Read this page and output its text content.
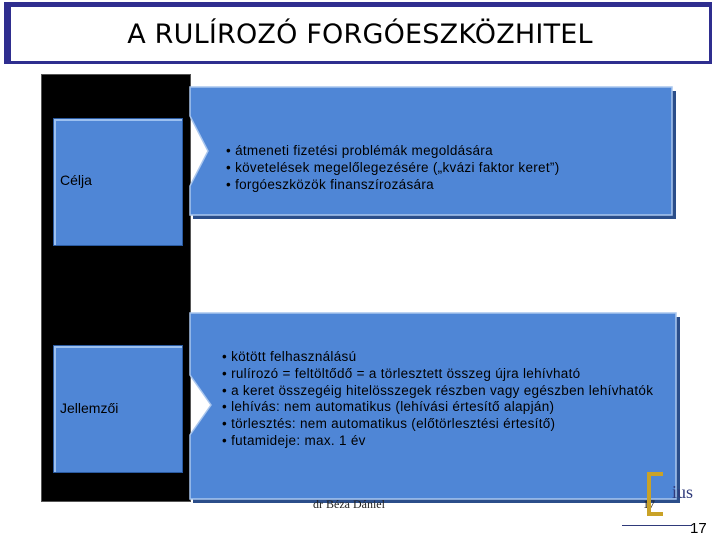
A RULÍROZÓ FORGÓESZKÖZHITEL
Célja
• átmeneti fizetési problémák megoldására
• követelések megelőlegezésére („kvázi faktor keret”)
• forgóeszközök finanszírozására
Jellemzői
• kötött felhasználású
• rulírozó = feltöltődő = a törlesztett összeg újra lehívható
• a keret összegéig hitelösszegek részben vagy egészben lehívhatók
• lehívás: nem automatikus (lehívási értesítő alapján)
• törlesztés: nem automatikus (előtörlesztési értesítő)
• futamideje: max. 1 év
dr Béza Dániel	17
ius
17
